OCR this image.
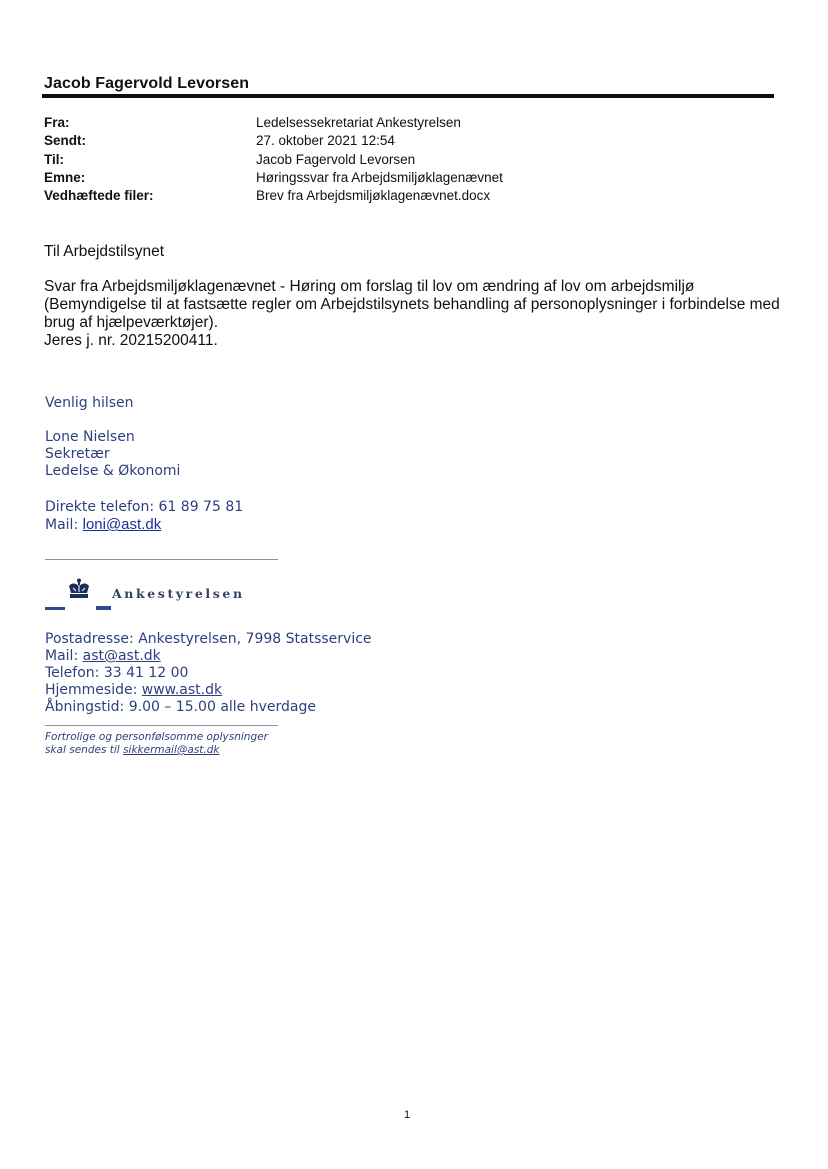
Jacob Fagervold Levorsen
Fra:	Ledelsessekretariat Ankestyrelsen
Sendt:	27. oktober 2021 12:54
Til:	Jacob Fagervold Levorsen
Emne:	Høringssvar fra Arbejdsmiljøklagenævnet
Vedhæftede filer:	Brev fra Arbejdsmiljøklagenævnet.docx
Til Arbejdstilsynet
Svar fra Arbejdsmiljøklagenævnet - Høring om forslag til lov om ændring af lov om arbejdsmiljø (Bemyndigelse til at fastsætte regler om Arbejdstilsynets behandling af personoplysninger i forbindelse med brug af hjælpeværktøjer).
Jeres j. nr. 20215200411.
Venlig hilsen
Lone Nielsen
Sekretær
Ledelse & Økonomi
Direkte telefon: 61 89 75 81
Mail: loni@ast.dk
Ankestyrelsen
Postadresse: Ankestyrelsen, 7998 Statsservice
Mail: ast@ast.dk
Telefon: 33 41 12 00
Hjemmeside: www.ast.dk
Åbningstid: 9.00 – 15.00 alle hverdage
Fortrolige og personfølsomme oplysninger
skal sendes til sikkermail@ast.dk
1
